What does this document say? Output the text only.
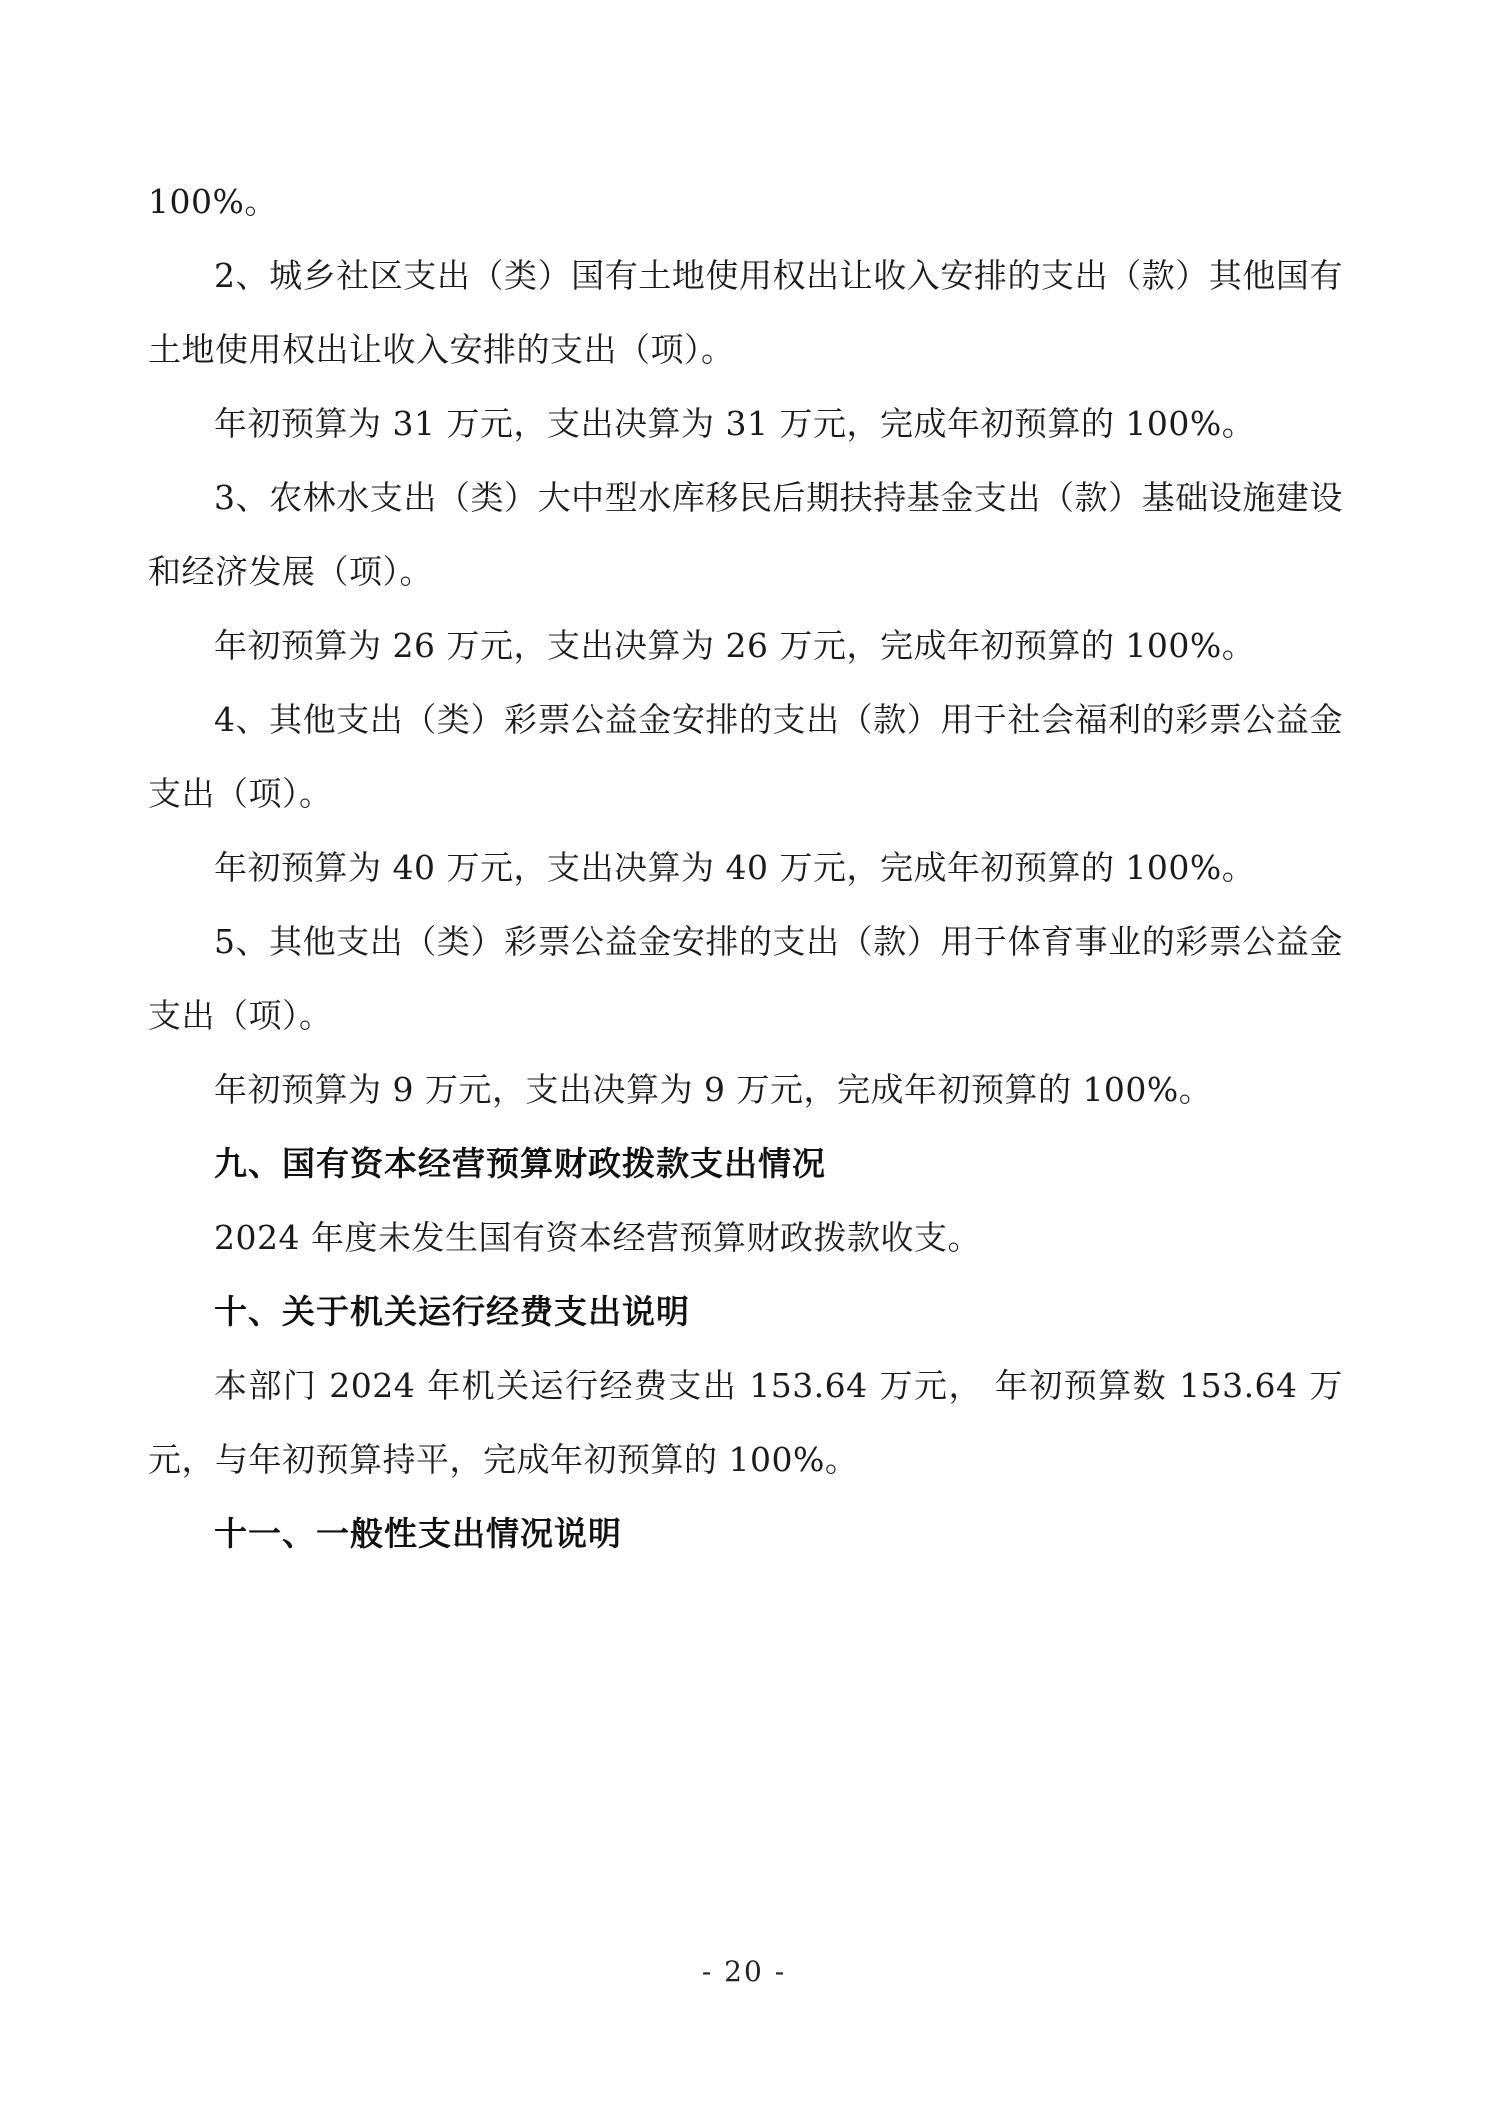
100%。

2、城乡社区支出（类）国有土地使用权出让收入安排的支出（款）其他国有土地使用权出让收入安排的支出（项）。

年初预算为 31 万元，支出决算为 31 万元，完成年初预算的 100%。

3、农林水支出（类）大中型水库移民后期扶持基金支出（款）基础设施建设和经济发展（项）。

年初预算为 26 万元，支出决算为 26 万元，完成年初预算的 100%。

4、其他支出（类）彩票公益金安排的支出（款）用于社会福利的彩票公益金支出（项）。

年初预算为 40 万元，支出决算为 40 万元，完成年初预算的 100%。

5、其他支出（类）彩票公益金安排的支出（款）用于体育事业的彩票公益金支出（项）。

年初预算为 9 万元，支出决算为 9 万元，完成年初预算的 100%。

九、国有资本经营预算财政拨款支出情况

2024 年度未发生国有资本经营预算财政拨款收支。

十、关于机关运行经费支出说明

本部门 2024 年机关运行经费支出 153.64 万元， 年初预算数 153.64 万元，与年初预算持平，完成年初预算的 100%。

十一、一般性支出情况说明
- 20 -
